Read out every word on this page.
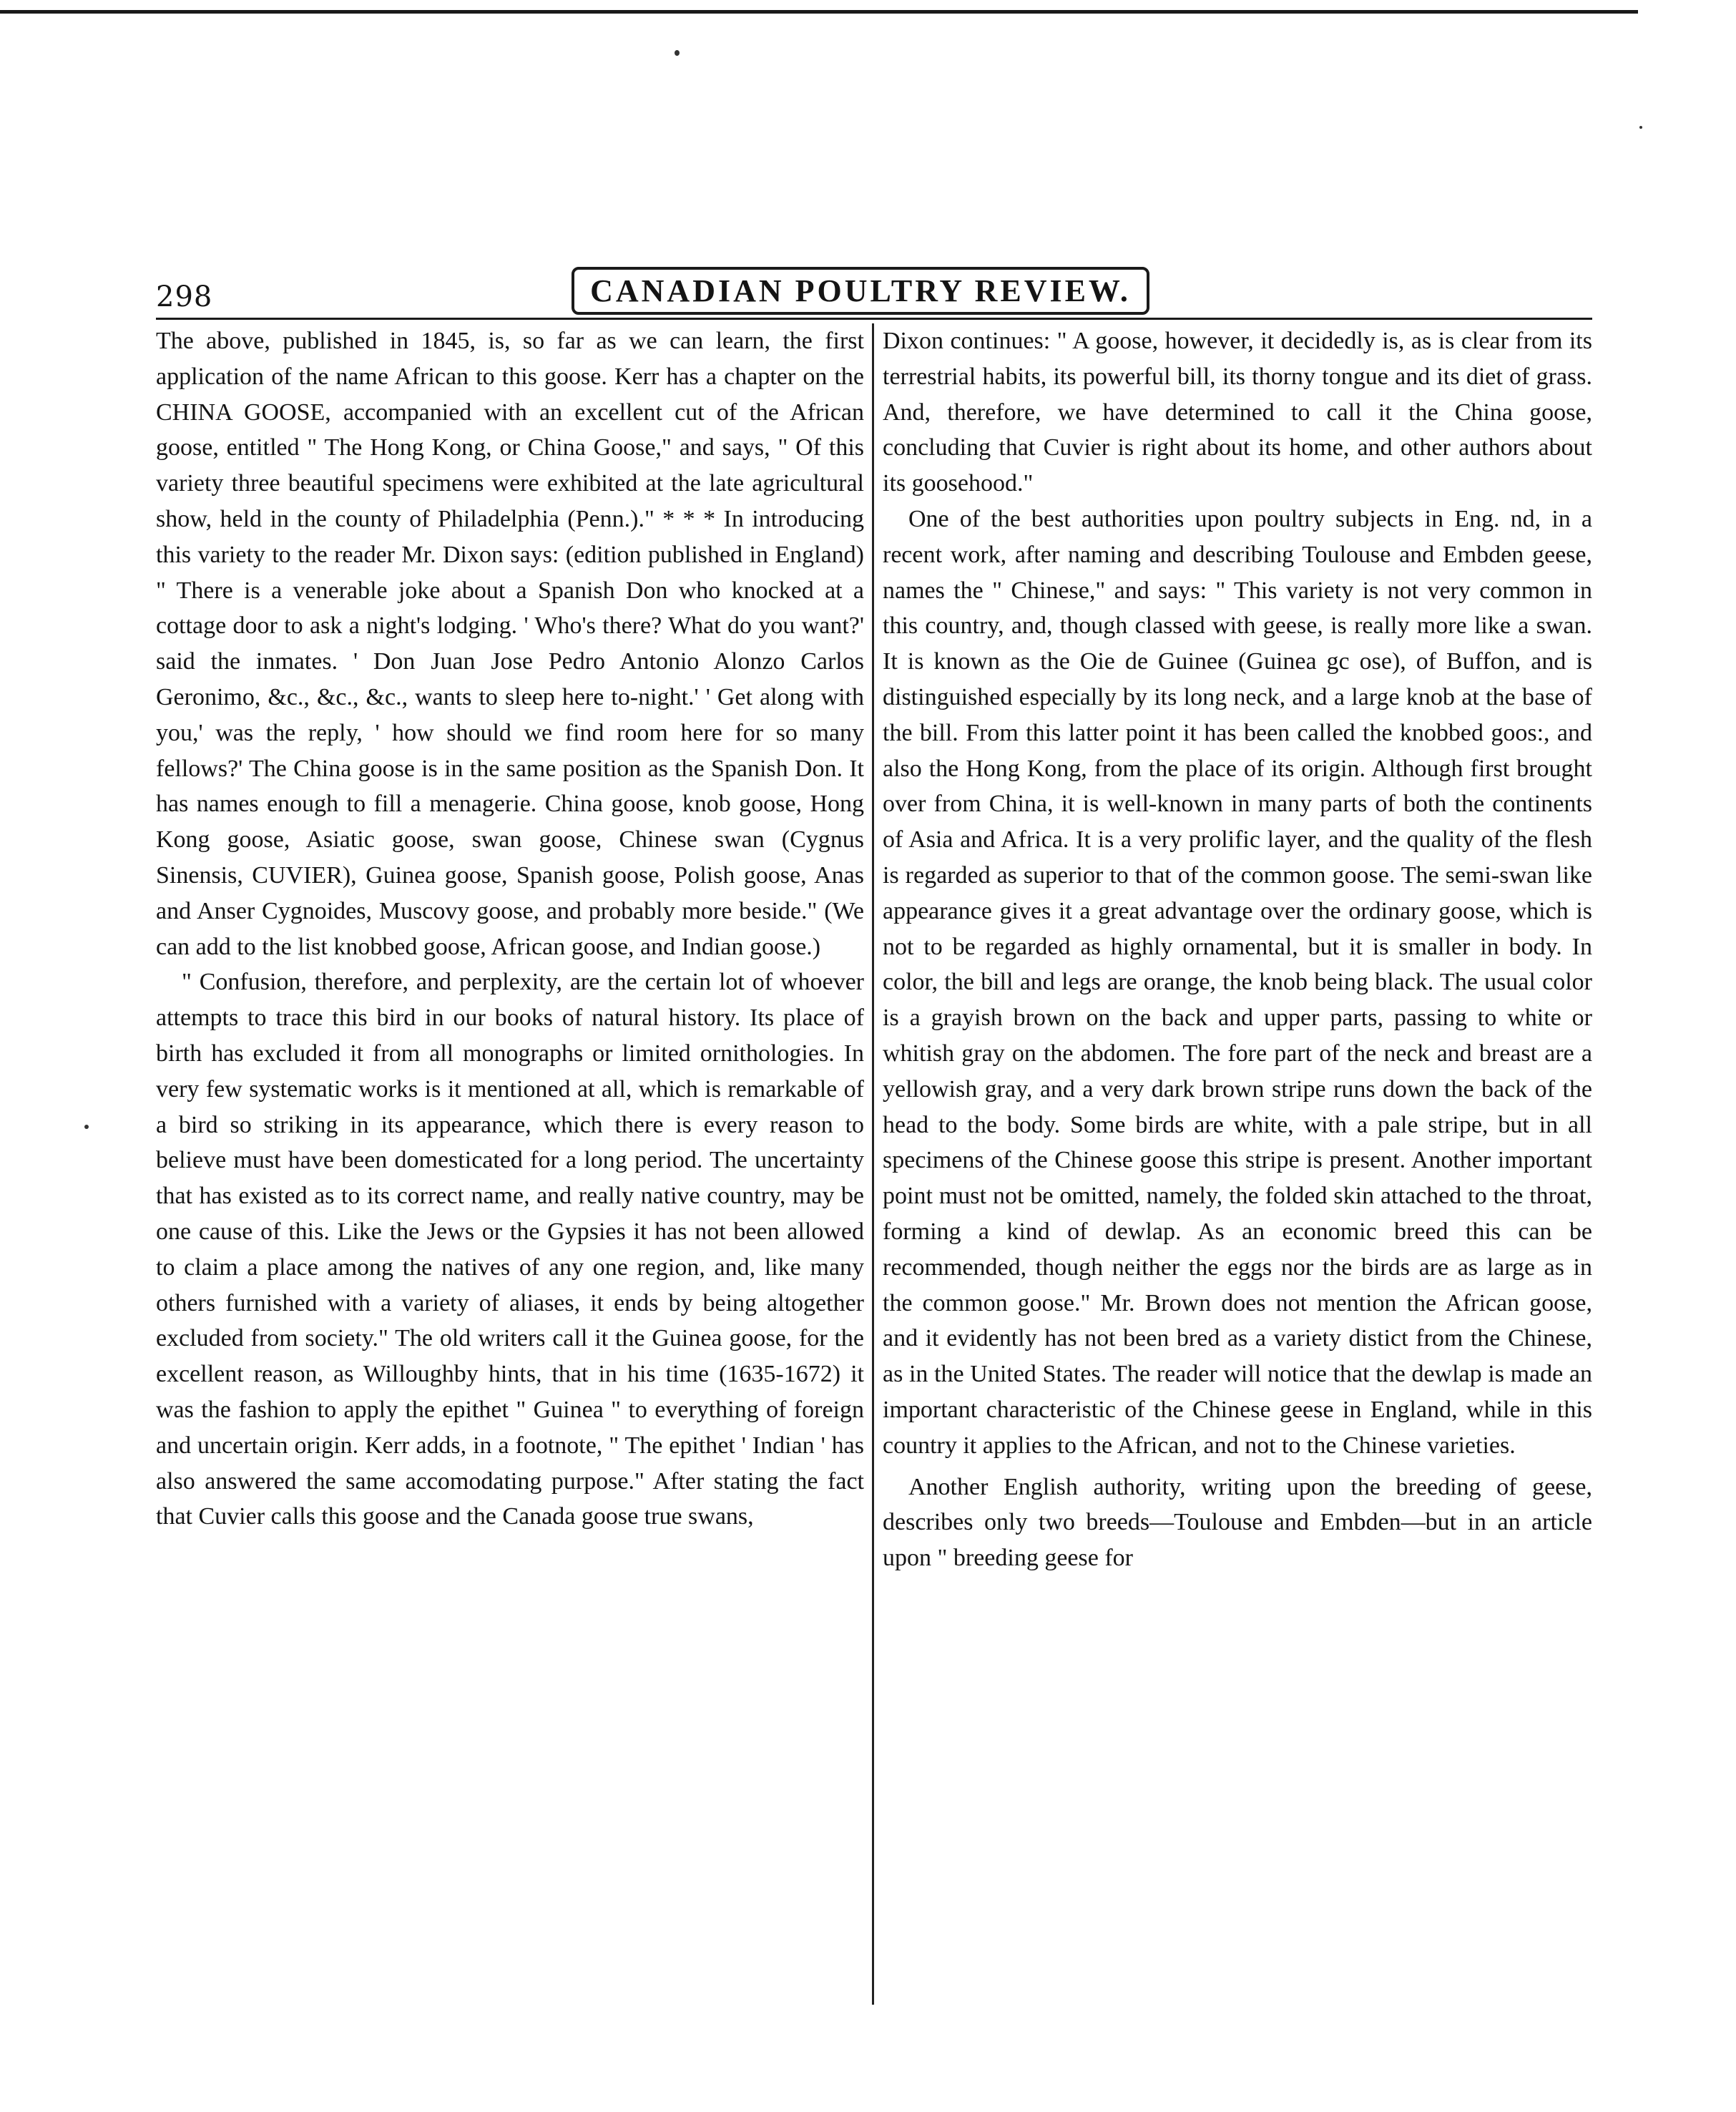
298	CANADIAN POULTRY REVIEW.

The above, published in 1845, is, so far as we can learn, the first application of the name African to this goose. Kerr has a chapter on the CHINA GOOSE, accompanied with an excellent cut of the African goose, entitled " The Hong Kong, or China Goose," and says, " Of this variety three beautiful specimens were exhibited at the late agricultural show, held in the county of Philadelphia (Penn.)." * * * In introducing this variety to the reader Mr. Dixon says: (edition published in England) " There is a venerable joke about a Spanish Don who knocked at a cottage door to ask a night's lodging. ' Who's there? What do you want?' said the inmates. ' Don Juan Jose Pedro Antonio Alonzo Carlos Geronimo, &c., &c., &c., wants to sleep here to-night.' ' Get along with you,' was the reply, ' how should we find room here for so many fellows?' The China goose is in the same position as the Spanish Don. It has names enough to fill a menagerie. China goose, knob goose, Hong Kong goose, Asiatic goose, swan goose, Chinese swan (Cygnus Sinensis, CUVIER), Guinea goose, Spanish goose, Polish goose, Anas and Anser Cygnoides, Muscovy goose, and probably more beside." (We can add to the list knobbed goose, African goose, and Indian goose.)

" Confusion, therefore, and perplexity, are the certain lot of whoever attempts to trace this bird in our books of natural history. Its place of birth has excluded it from all monographs or limited ornithologies. In very few systematic works is it mentioned at all, which is remarkable of a bird so striking in its appearance, which there is every reason to believe must have been domesticated for a long period. The uncertainty that has existed as to its correct name, and really native country, may be one cause of this. Like the Jews or the Gypsies it has not been allowed to claim a place among the natives of any one region, and, like many others furnished with a variety of aliases, it ends by being altogether excluded from society." The old writers call it the Guinea goose, for the excellent reason, as Willoughby hints, that in his time (1635-1672) it was the fashion to apply the epithet " Guinea " to everything of foreign and uncertain origin. Kerr adds, in a footnote, " The epithet ' Indian ' has also answered the same accomodating purpose." After stating the fact that Cuvier calls this goose and the Canada goose true swans,

Dixon continues: " A goose, however, it decidedly is, as is clear from its terrestrial habits, its powerful bill, its thorny tongue and its diet of grass. And, therefore, we have determined to call it the China goose, concluding that Cuvier is right about its home, and other authors about its goosehood."

One of the best authorities upon poultry subjects in Eng. nd, in a recent work, after naming and describing Toulouse and Embden geese, names the " Chinese," and says: " This variety is not very common in this country, and, though classed with geese, is really more like a swan. It is known as the Oie de Guinee (Guinea gc ose), of Buffon, and is distinguished especially by its long neck, and a large knob at the base of the bill. From this latter point it has been called the knobbed goos:, and also the Hong Kong, from the place of its origin. Although first brought over from China, it is well-known in many parts of both the continents of Asia and Africa. It is a very prolific layer, and the quality of the flesh is regarded as superior to that of the common goose. The semi-swan like appearance gives it a great advantage over the ordinary goose, which is not to be regarded as highly ornamental, but it is smaller in body. In color, the bill and legs are orange, the knob being black. The usual color is a grayish brown on the back and upper parts, passing to white or whitish gray on the abdomen. The fore part of the neck and breast are a yellowish gray, and a very dark brown stripe runs down the back of the head to the body. Some birds are white, with a pale stripe, but in all specimens of the Chinese goose this stripe is present. Another important point must not be omitted, namely, the folded skin attached to the throat, forming a kind of dewlap. As an economic breed this can be recommended, though neither the eggs nor the birds are as large as in the common goose." Mr. Brown does not mention the African goose, and it evidently has not been bred as a variety distict from the Chinese, as in the United States. The reader will notice that the dewlap is made an important characteristic of the Chinese geese in England, while in this country it applies to the African, and not to the Chinese varieties.

Another English authority, writing upon the breeding of geese, describes only two breeds—Toulouse and Embden—but in an article upon " breeding geese for
